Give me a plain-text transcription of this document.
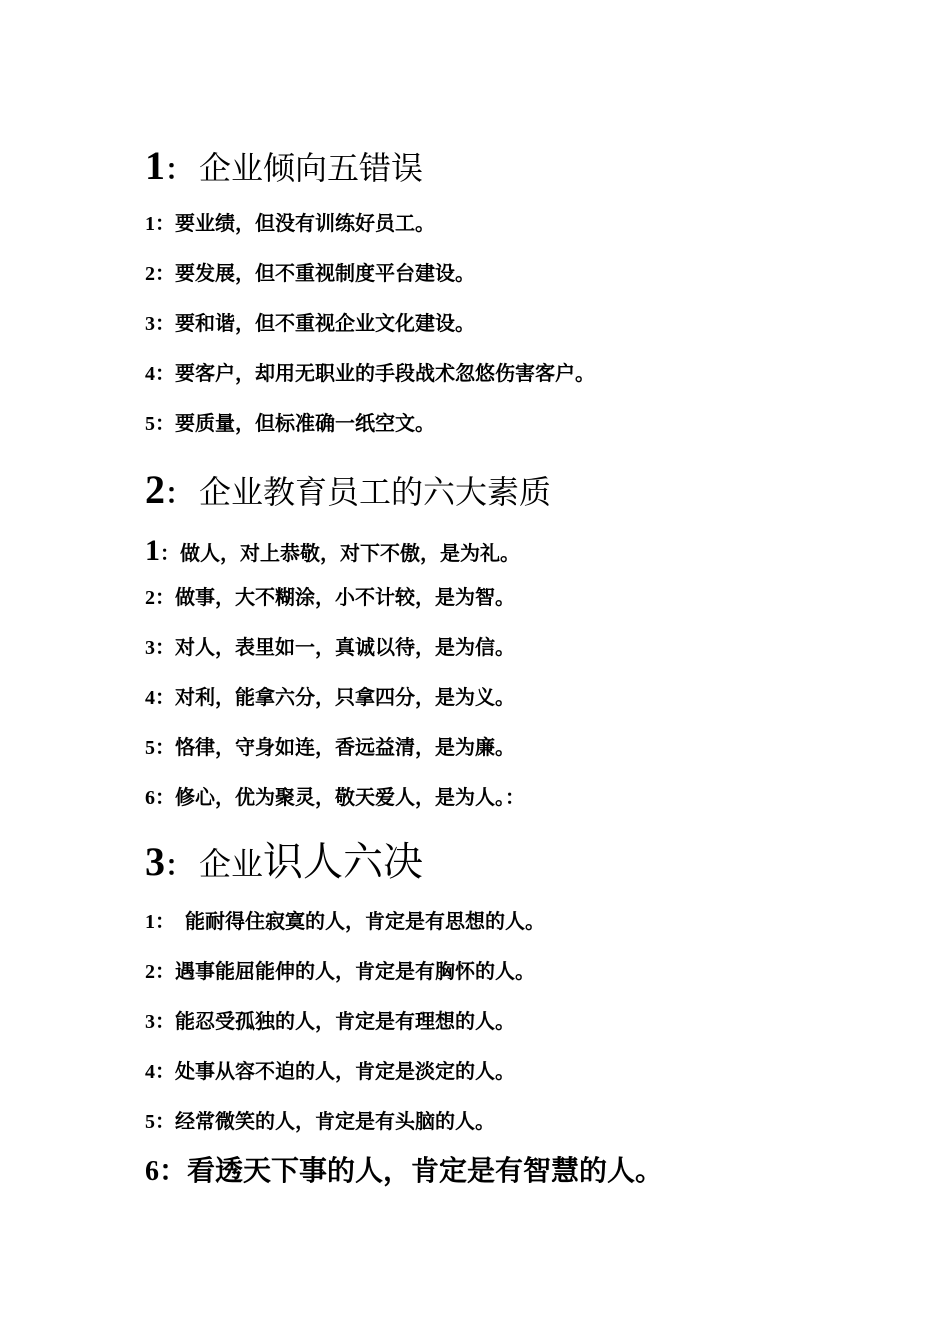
1： 企业倾向五错误
1：要业绩，但没有训练好员工。
2：要发展，但不重视制度平台建设。
3：要和谐，但不重视企业文化建设。
4：要客户，却用无职业的手段战术忽悠伤害客户。
5：要质量，但标准确一纸空文。
2： 企业教育员工的六大素质
1：做人，对上恭敬，对下不傲，是为礼。
2：做事，大不糊涂，小不计较，是为智。
3：对人，表里如一，真诚以待，是为信。
4：对利，能拿六分，只拿四分，是为义。
5：恪律，守身如连，香远益清，是为廉。
6：修心，优为聚灵，敬天爱人，是为人。：
3： 企业识人六决
1：  能耐得住寂寞的人，肯定是有思想的人。
2：遇事能屈能伸的人，肯定是有胸怀的人。
3：能忍受孤独的人，肯定是有理想的人。
4：处事从容不迫的人，肯定是淡定的人。
5：经常微笑的人，肯定是有头脑的人。
6：看透天下事的人，肯定是有智慧的人。
